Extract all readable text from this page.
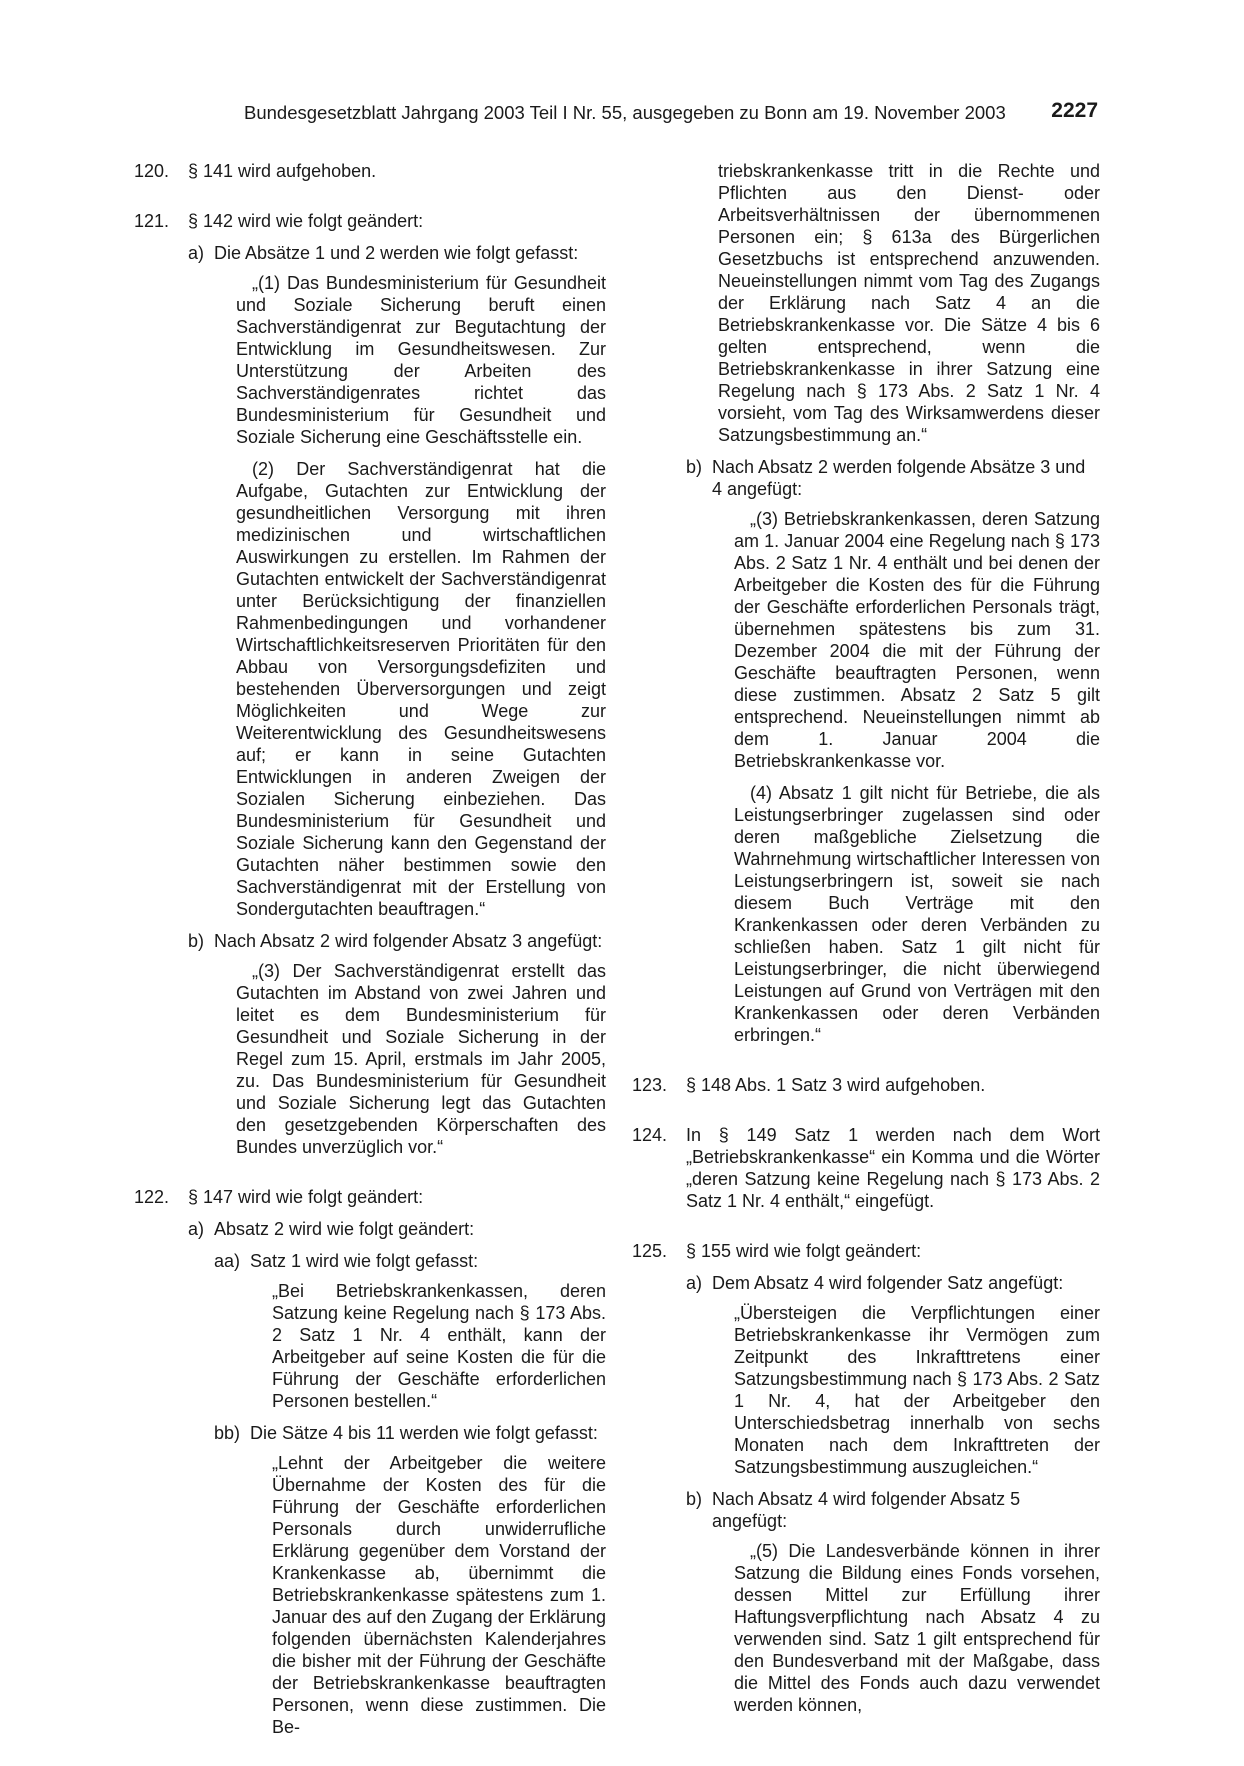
Bundesgesetzblatt Jahrgang 2003 Teil I Nr. 55, ausgegeben zu Bonn am 19. November 2003 2227
120. § 141 wird aufgehoben.

121. § 142 wird wie folgt geändert:

a) Die Absätze 1 und 2 werden wie folgt gefasst:

„(1) Das Bundesministerium für Gesundheit und Soziale Sicherung beruft einen Sachverständigenrat zur Begutachtung der Entwicklung im Gesundheitswesen. Zur Unterstützung der Arbeiten des Sachverständigenrates richtet das Bundesministerium für Gesundheit und Soziale Sicherung eine Geschäftsstelle ein.

(2) Der Sachverständigenrat hat die Aufgabe, Gutachten zur Entwicklung der gesundheitlichen Versorgung mit ihren medizinischen und wirtschaftlichen Auswirkungen zu erstellen. Im Rahmen der Gutachten entwickelt der Sachverständigenrat unter Berücksichtigung der finanziellen Rahmenbedingungen und vorhandener Wirtschaftlichkeitsreserven Prioritäten für den Abbau von Versorgungsdefiziten und bestehenden Überversorgungen und zeigt Möglichkeiten und Wege zur Weiterentwicklung des Gesundheitswesens auf; er kann in seine Gutachten Entwicklungen in anderen Zweigen der Sozialen Sicherung einbeziehen. Das Bundesministerium für Gesundheit und Soziale Sicherung kann den Gegenstand der Gutachten näher bestimmen sowie den Sachverständigenrat mit der Erstellung von Sondergutachten beauftragen.“

b) Nach Absatz 2 wird folgender Absatz 3 angefügt:

„(3) Der Sachverständigenrat erstellt das Gutachten im Abstand von zwei Jahren und leitet es dem Bundesministerium für Gesundheit und Soziale Sicherung in der Regel zum 15. April, erstmals im Jahr 2005, zu. Das Bundesministerium für Gesundheit und Soziale Sicherung legt das Gutachten den gesetzgebenden Körperschaften des Bundes unverzüglich vor.“

122. § 147 wird wie folgt geändert:

a) Absatz 2 wird wie folgt geändert:

aa) Satz 1 wird wie folgt gefasst:

„Bei Betriebskrankenkassen, deren Satzung keine Regelung nach § 173 Abs. 2 Satz 1 Nr. 4 enthält, kann der Arbeitgeber auf seine Kosten die für die Führung der Geschäfte erforderlichen Personen bestellen.“

bb) Die Sätze 4 bis 11 werden wie folgt gefasst:

„Lehnt der Arbeitgeber die weitere Übernahme der Kosten des für die Führung der Geschäfte erforderlichen Personals durch unwiderrufliche Erklärung gegenüber dem Vorstand der Krankenkasse ab, übernimmt die Betriebskrankenkasse spätestens zum 1. Januar des auf den Zugang der Erklärung folgenden übernächsten Kalenderjahres die bisher mit der Führung der Geschäfte der Betriebskrankenkasse beauftragten Personen, wenn diese zustimmen. Die Be-

triebskrankenkasse tritt in die Rechte und Pflichten aus den Dienst- oder Arbeitsverhältnissen der übernommenen Personen ein; § 613a des Bürgerlichen Gesetzbuchs ist entsprechend anzuwenden. Neueinstellungen nimmt vom Tag des Zugangs der Erklärung nach Satz 4 an die Betriebskrankenkasse vor. Die Sätze 4 bis 6 gelten entsprechend, wenn die Betriebskrankenkasse in ihrer Satzung eine Regelung nach § 173 Abs. 2 Satz 1 Nr. 4 vorsieht, vom Tag des Wirksamwerdens dieser Satzungsbestimmung an.“

b) Nach Absatz 2 werden folgende Absätze 3 und 4 angefügt:

„(3) Betriebskrankenkassen, deren Satzung am 1. Januar 2004 eine Regelung nach § 173 Abs. 2 Satz 1 Nr. 4 enthält und bei denen der Arbeitgeber die Kosten des für die Führung der Geschäfte erforderlichen Personals trägt, übernehmen spätestens bis zum 31. Dezember 2004 die mit der Führung der Geschäfte beauftragten Personen, wenn diese zustimmen. Absatz 2 Satz 5 gilt entsprechend. Neueinstellungen nimmt ab dem 1. Januar 2004 die Betriebskrankenkasse vor.

(4) Absatz 1 gilt nicht für Betriebe, die als Leistungserbringer zugelassen sind oder deren maßgebliche Zielsetzung die Wahrnehmung wirtschaftlicher Interessen von Leistungserbringern ist, soweit sie nach diesem Buch Verträge mit den Krankenkassen oder deren Verbänden zu schließen haben. Satz 1 gilt nicht für Leistungserbringer, die nicht überwiegend Leistungen auf Grund von Verträgen mit den Krankenkassen oder deren Verbänden erbringen.“

123. § 148 Abs. 1 Satz 3 wird aufgehoben.

124. In § 149 Satz 1 werden nach dem Wort „Betriebskrankenkasse“ ein Komma und die Wörter „deren Satzung keine Regelung nach § 173 Abs. 2 Satz 1 Nr. 4 enthält,“ eingefügt.

125. § 155 wird wie folgt geändert:

a) Dem Absatz 4 wird folgender Satz angefügt:

„Übersteigen die Verpflichtungen einer Betriebskrankenkasse ihr Vermögen zum Zeitpunkt des Inkrafttretens einer Satzungsbestimmung nach § 173 Abs. 2 Satz 1 Nr. 4, hat der Arbeitgeber den Unterschiedsbetrag innerhalb von sechs Monaten nach dem Inkrafttreten der Satzungsbestimmung auszugleichen.“

b) Nach Absatz 4 wird folgender Absatz 5 angefügt:

„(5) Die Landesverbände können in ihrer Satzung die Bildung eines Fonds vorsehen, dessen Mittel zur Erfüllung ihrer Haftungsverpflichtung nach Absatz 4 zu verwenden sind. Satz 1 gilt entsprechend für den Bundesverband mit der Maßgabe, dass die Mittel des Fonds auch dazu verwendet werden können,
